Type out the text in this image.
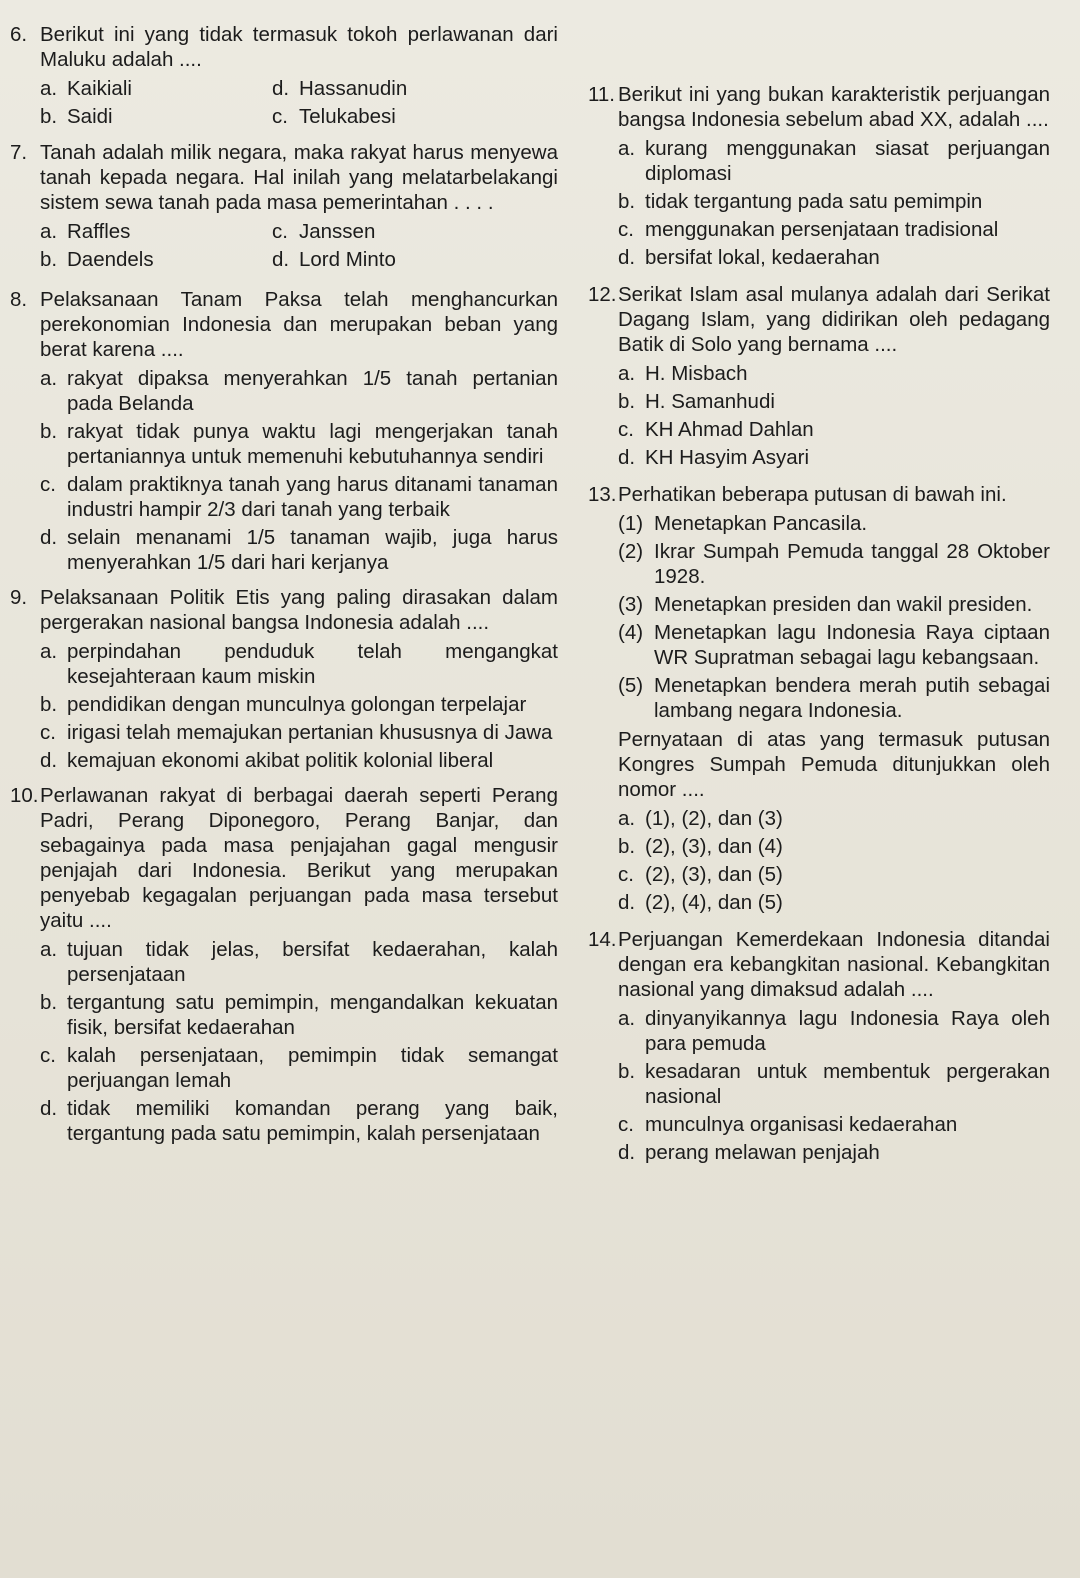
6. Berikut ini yang tidak termasuk tokoh perlawanan dari Maluku adalah ....
a. Kaikiali	d. Hassanudin
b. Saidi	c. Telukabesi
7. Tanah adalah milik negara, maka rakyat harus menyewa tanah kepada negara. Hal inilah yang melatarbelakangi sistem sewa tanah pada masa pemerintahan . . . .
a. Raffles	c. Janssen
b. Daendels	d. Lord Minto
8. Pelaksanaan Tanam Paksa telah menghancurkan perekonomian Indonesia dan merupakan beban yang berat karena ....
a. rakyat dipaksa menyerahkan 1/5 tanah pertanian pada Belanda
b. rakyat tidak punya waktu lagi mengerjakan tanah pertaniannya untuk memenuhi kebutuhannya sendiri
c. dalam praktiknya tanah yang harus ditanami tanaman industri hampir 2/3 dari tanah yang terbaik
d. selain menanami 1/5 tanaman wajib, juga harus menyerahkan 1/5 dari hari kerjanya
9. Pelaksanaan Politik Etis yang paling dirasakan dalam pergerakan nasional bangsa Indonesia adalah ....
a. perpindahan penduduk telah mengangkat kesejahteraan kaum miskin
b. pendidikan dengan munculnya golongan terpelajar
c. irigasi telah memajukan pertanian khususnya di Jawa
d. kemajuan ekonomi akibat politik kolonial liberal
10. Perlawanan rakyat di berbagai daerah seperti Perang Padri, Perang Diponegoro, Perang Banjar, dan sebagainya pada masa penjajahan gagal mengusir penjajah dari Indonesia. Berikut yang merupakan penyebab kegagalan perjuangan pada masa tersebut yaitu ....
a. tujuan tidak jelas, bersifat kedaerahan, kalah persenjataan
b. tergantung satu pemimpin, mengandalkan kekuatan fisik, bersifat kedaerahan
c. kalah persenjataan, pemimpin tidak semangat perjuangan lemah
d. tidak memiliki komandan perang yang baik, tergantung pada satu pemimpin, kalah persenjataan
11. Berikut ini yang bukan karakteristik perjuangan bangsa Indonesia sebelum abad XX, adalah ....
a. kurang menggunakan siasat perjuangan diplomasi
b. tidak tergantung pada satu pemimpin
c. menggunakan persenjataan tradisional
d. bersifat lokal, kedaerahan
12. Serikat Islam asal mulanya adalah dari Serikat Dagang Islam, yang didirikan oleh pedagang Batik di Solo yang bernama ....
a. H. Misbach
b. H. Samanhudi
c. KH Ahmad Dahlan
d. KH Hasyim Asyari
13. Perhatikan beberapa putusan di bawah ini.
(1) Menetapkan Pancasila.
(2) Ikrar Sumpah Pemuda tanggal 28 Oktober 1928.
(3) Menetapkan presiden dan wakil presiden.
(4) Menetapkan lagu Indonesia Raya ciptaan WR Supratman sebagai lagu kebangsaan.
(5) Menetapkan bendera merah putih sebagai lambang negara Indonesia.
Pernyataan di atas yang termasuk putusan Kongres Sumpah Pemuda ditunjukkan oleh nomor ....
a. (1), (2), dan (3)
b. (2), (3), dan (4)
c. (2), (3), dan (5)
d. (2), (4), dan (5)
14. Perjuangan Kemerdekaan Indonesia ditandai dengan era kebangkitan nasional. Kebangkitan nasional yang dimaksud adalah ....
a. dinyanyikannya lagu Indonesia Raya oleh para pemuda
b. kesadaran untuk membentuk pergerakan nasional
c. munculnya organisasi kedaerahan
d. perang melawan penjajah
